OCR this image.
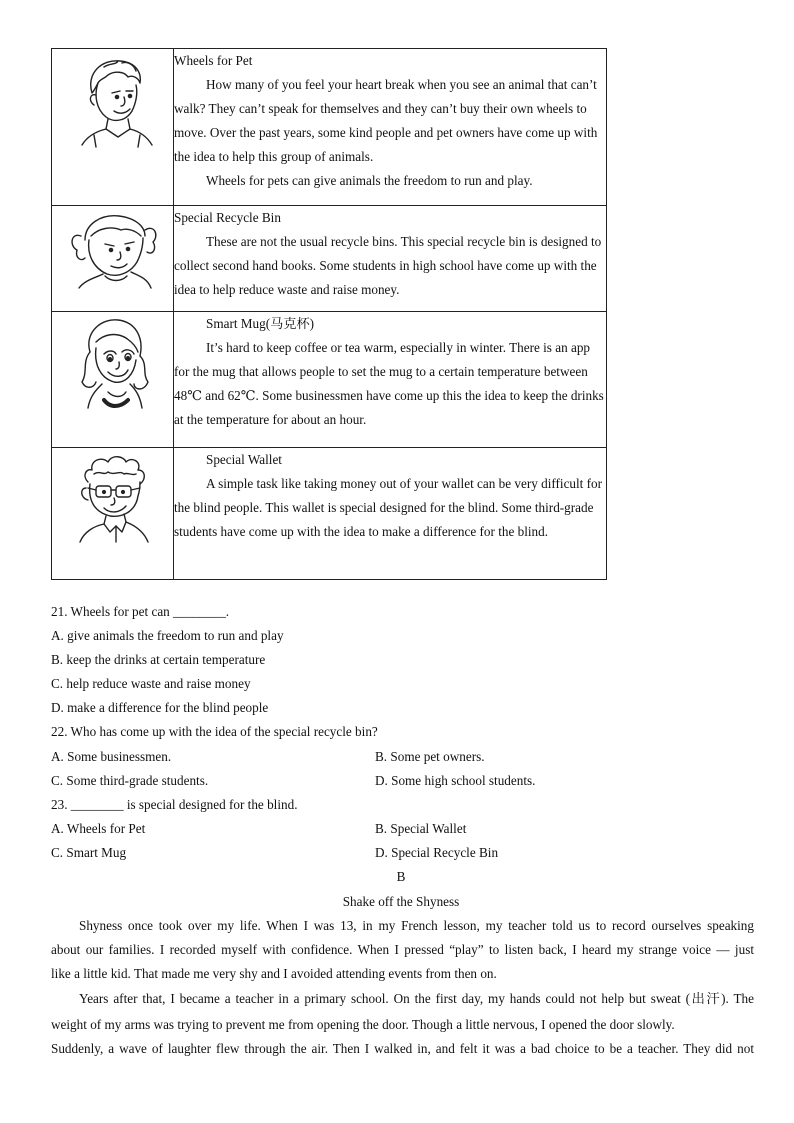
Wheels for Pet

How many of you feel your heart break when you see an animal that can’t walk? They can’t speak for themselves and they can’t buy their own wheels to move. Over the past years, some kind people and pet owners have come up with the idea to help this group of animals.

Wheels for pets can give animals the freedom to run and play.

Special Recycle Bin

These are not the usual recycle bins. This special recycle bin is designed to collect second hand books. Some students in high school have come up with the idea to help reduce waste and raise money.

Smart Mug(马克杯)

It’s hard to keep coffee or tea warm, especially in winter. There is an app for the mug that allows people to set the mug to a certain temperature between 48℃ and 62℃. Some businessmen have come up this the idea to keep the drinks at the temperature for about an hour.

Special Wallet

A simple task like taking money out of your wallet can be very difficult for the blind people. This wallet is special designed for the blind. Some third-grade students have come up with the idea to make a difference for the blind.

21. Wheels for pet can ________.
A. give animals the freedom to run and play
B. keep the drinks at certain temperature
C. help reduce waste and raise money
D. make a difference for the blind people
22. Who has come up with the idea of the special recycle bin?
A. Some businessmen.	B. Some pet owners.
C. Some third-grade students.	D. Some high school students.
23. ________ is special designed for the blind.
A. Wheels for Pet	B. Special Wallet
C. Smart Mug	D. Special Recycle Bin
B
Shake off the Shyness
Shyness once took over my life. When I was 13, in my French lesson, my teacher told us to record ourselves speaking
about our families. I recorded myself with confidence. When I pressed “play” to listen back, I heard my strange voice — just
like a little kid. That made me very shy and I avoided attending events from then on.
Years after that, I became a teacher in a primary school. On the first day, my hands could not help but sweat (出汗). The
weight of my arms was trying to prevent me from opening the door. Though a little nervous, I opened the door slowly.
Suddenly, a wave of laughter flew through the air. Then I walked in, and felt it was a bad choice to be a teacher. They did not
